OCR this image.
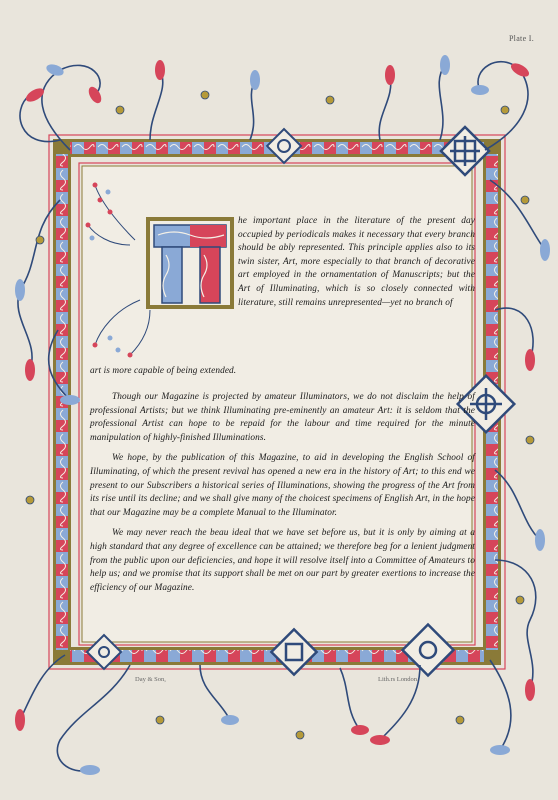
Plate I.
he important place in the literature of the present day occupied by periodicals makes it necessary that every branch should be ably represented. This principle applies also to its twin sister, Art, more especially to that branch of decorative art employed in the ornamentation of Manuscripts; but the Art of Illuminating, which is so closely connected with literature, still remains unrepresented—yet no branch of
art is more capable of being extended.

Though our Magazine is projected by amateur Illuminators, we do not disclaim the help of professional Artists; but we think Illuminating pre-eminently an amateur Art: it is seldom that the professional Artist can hope to be repaid for the labour and time required for the minute manipulation of highly-finished Illuminations.

We hope, by the publication of this Magazine, to aid in developing the English School of Illuminating, of which the present revival has opened a new era in the history of Art; to this end we present to our Subscribers a historical series of Illuminations, showing the progress of the Art from its rise until its decline; and we shall give many of the choicest specimens of English Art, in the hope that our Magazine may be a complete Manual to the Illuminator.

We may never reach the beau ideal that we have set before us, but it is only by aiming at a high standard that any degree of excellence can be attained; we therefore beg for a lenient judgment from the public upon our deficiencies, and hope it will resolve itself into a Committee of Amateurs to help us; and we promise that its support shall be met on our part by greater exertions to increase the efficiency of our Magazine.

Day & Son,	Lith.rs London.
